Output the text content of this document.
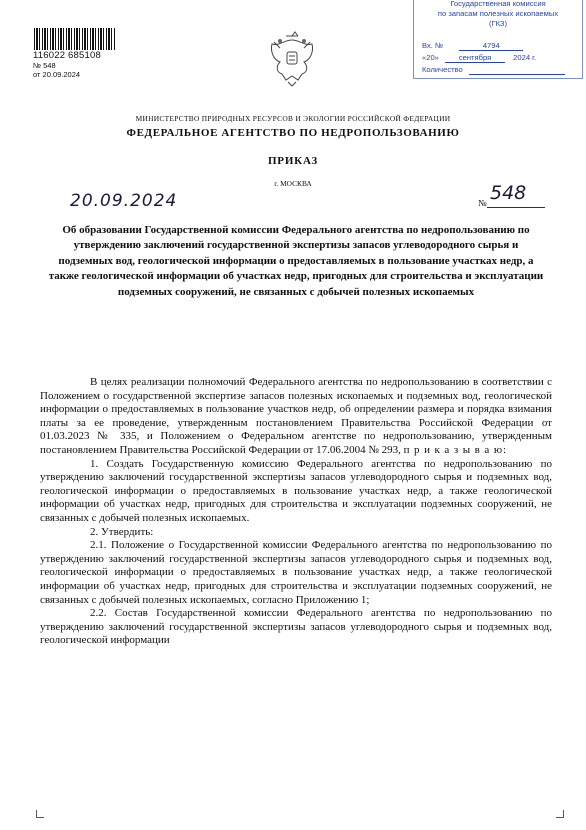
116022 685108
№ 548
от 20.09.2024
Государственная комиссия
по запасам полезных ископаемых
(ГКЗ)
Вх. №	4794
«20»	сентября	2024 г.
Количество
МИНИСТЕРСТВО ПРИРОДНЫХ РЕСУРСОВ И ЭКОЛОГИИ РОССИЙСКОЙ ФЕДЕРАЦИИ
ФЕДЕРАЛЬНОЕ АГЕНТСТВО ПО НЕДРОПОЛЬЗОВАНИЮ
ПРИКАЗ
г. МОСКВА
20.09.2024	№ 548
Об образовании Государственной комиссии Федерального агентства по недропользованию по утверждению заключений государственной экспертизы запасов углеводородного сырья и подземных вод, геологической информации о предоставляемых в пользование участках недр, а также геологической информации об участках недр, пригодных для строительства и эксплуатации подземных сооружений, не связанных с добычей полезных ископаемых

В целях реализации полномочий Федерального агентства по недропользованию в соответствии с Положением о государственной экспертизе запасов полезных ископаемых и подземных вод, геологической информации о предоставляемых в пользование участков недр, об определении размера и порядка взимания платы за ее проведение, утвержденным постановлением Правительства Российской Федерации от 01.03.2023 № 335, и Положением о Федеральном агентстве по недропользованию, утвержденным постановлением Правительства Российской Федерации от 17.06.2004 № 293, п р и к а з ы в а ю:

1. Создать Государственную комиссию Федерального агентства по недропользованию по утверждению заключений государственной экспертизы запасов углеводородного сырья и подземных вод, геологической информации о предоставляемых в пользование участках недр, а также геологической информации об участках недр, пригодных для строительства и эксплуатации подземных сооружений, не связанных с добычей полезных ископаемых.

2. Утвердить:

2.1. Положение о Государственной комиссии Федерального агентства по недропользованию по утверждению заключений государственной экспертизы запасов углеводородного сырья и подземных вод, геологической информации о предоставляемых в пользование участках недр, а также геологической информации об участках недр, пригодных для строительства и эксплуатации подземных сооружений, не связанных с добычей полезных ископаемых, согласно Приложению 1;

2.2. Состав Государственной комиссии Федерального агентства по недропользованию по утверждению заключений государственной экспертизы запасов углеводородного сырья и подземных вод, геологической информации
